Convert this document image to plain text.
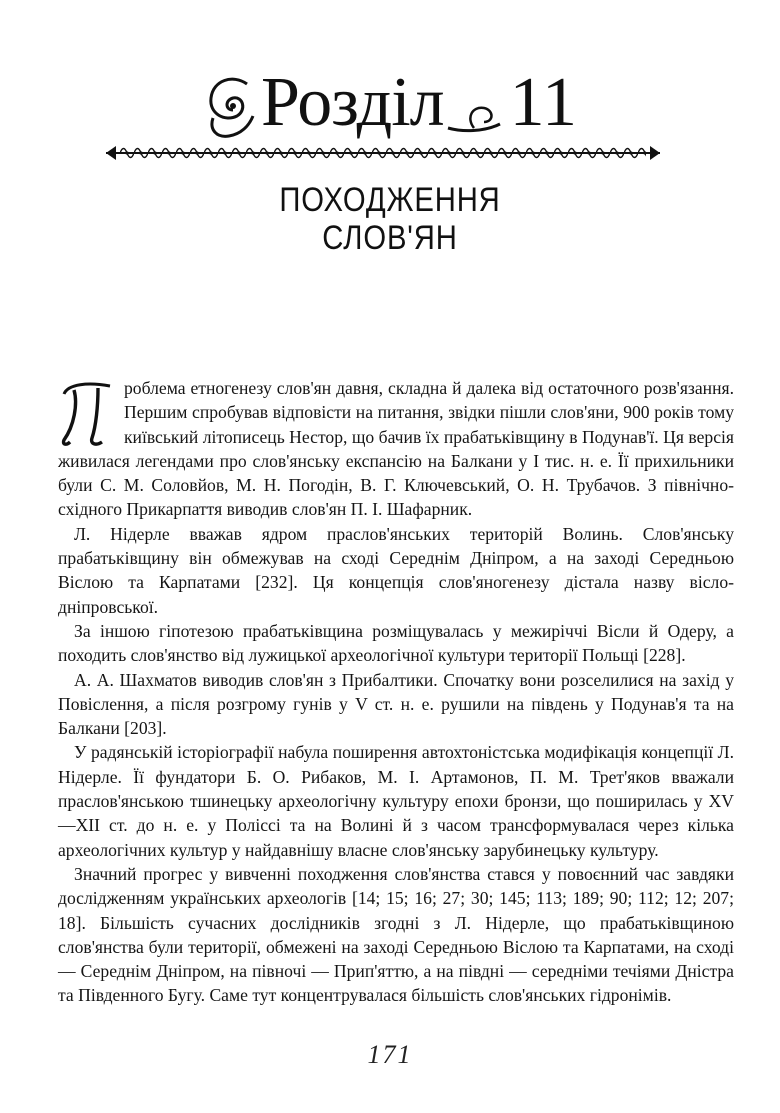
Розділ 11
ПОХОДЖЕННЯ
СЛОВ'ЯН

роблема етногенезу слов'ян давня, складна й далека від остаточного розв'язання. Першим спробував відповісти на питання, звідки пішли слов'яни, 900 років тому київський літописець Нестор, що бачив їх прабатьківщину в Подунав'ї. Ця версія живилася легендами про слов'янську експансію на Балкани у І тис. н. е. Її прихильники були С. М. Соловйов, М. Н. Погодін, В. Г. Ключевський, О. Н. Трубачов. З північно-східного Прикарпаття виводив слов'ян П. І. Шафарник.

Л. Нідерле вважав ядром праслов'янських територій Волинь. Слов'янську прабатьківщину він обмежував на сході Середнім Дніпром, а на заході Середньою Віслою та Карпатами [232]. Ця концепція слов'яногенезу дістала назву вісло-дніпровської.

За іншою гіпотезою прабатьківщина розміщувалась у межиріччі Вісли й Одеру, а походить слов'янство від лужицької археологічної культури території Польщі [228].

А. А. Шахматов виводив слов'ян з Прибалтики. Спочатку вони розселилися на захід у Повіслення, а після розгрому гунів у V ст. н. е. рушили на південь у Подунав'я та на Балкани [203].

У радянській історіографії набула поширення автохтоністська модифікація концепції Л. Нідерле. Її фундатори Б. О. Рибаков, М. І. Артамонов, П. М. Трет'яков вважали праслов'янською тшинецьку археологічну культуру епохи бронзи, що поширилась у XV—XII ст. до н. е. у Поліссі та на Волині й з часом трансформувалася через кілька археологічних культур у найдавнішу власне слов'янську зарубинецьку культуру.

Значний прогрес у вивченні походження слов'янства стався у повоєнний час завдяки дослідженням українських археологів [14; 15; 16; 27; 30; 145; 113; 189; 90; 112; 12; 207; 18]. Більшість сучасних дослідників згодні з Л. Нідерле, що прабатьківщиною слов'янства були території, обмежені на заході Середньою Віслою та Карпатами, на сході — Середнім Дніпром, на півночі — Прип'яттю, а на півдні — середніми течіями Дністра та Південного Бугу. Саме тут концентрувалася більшість слов'янських гідронімів.

171
